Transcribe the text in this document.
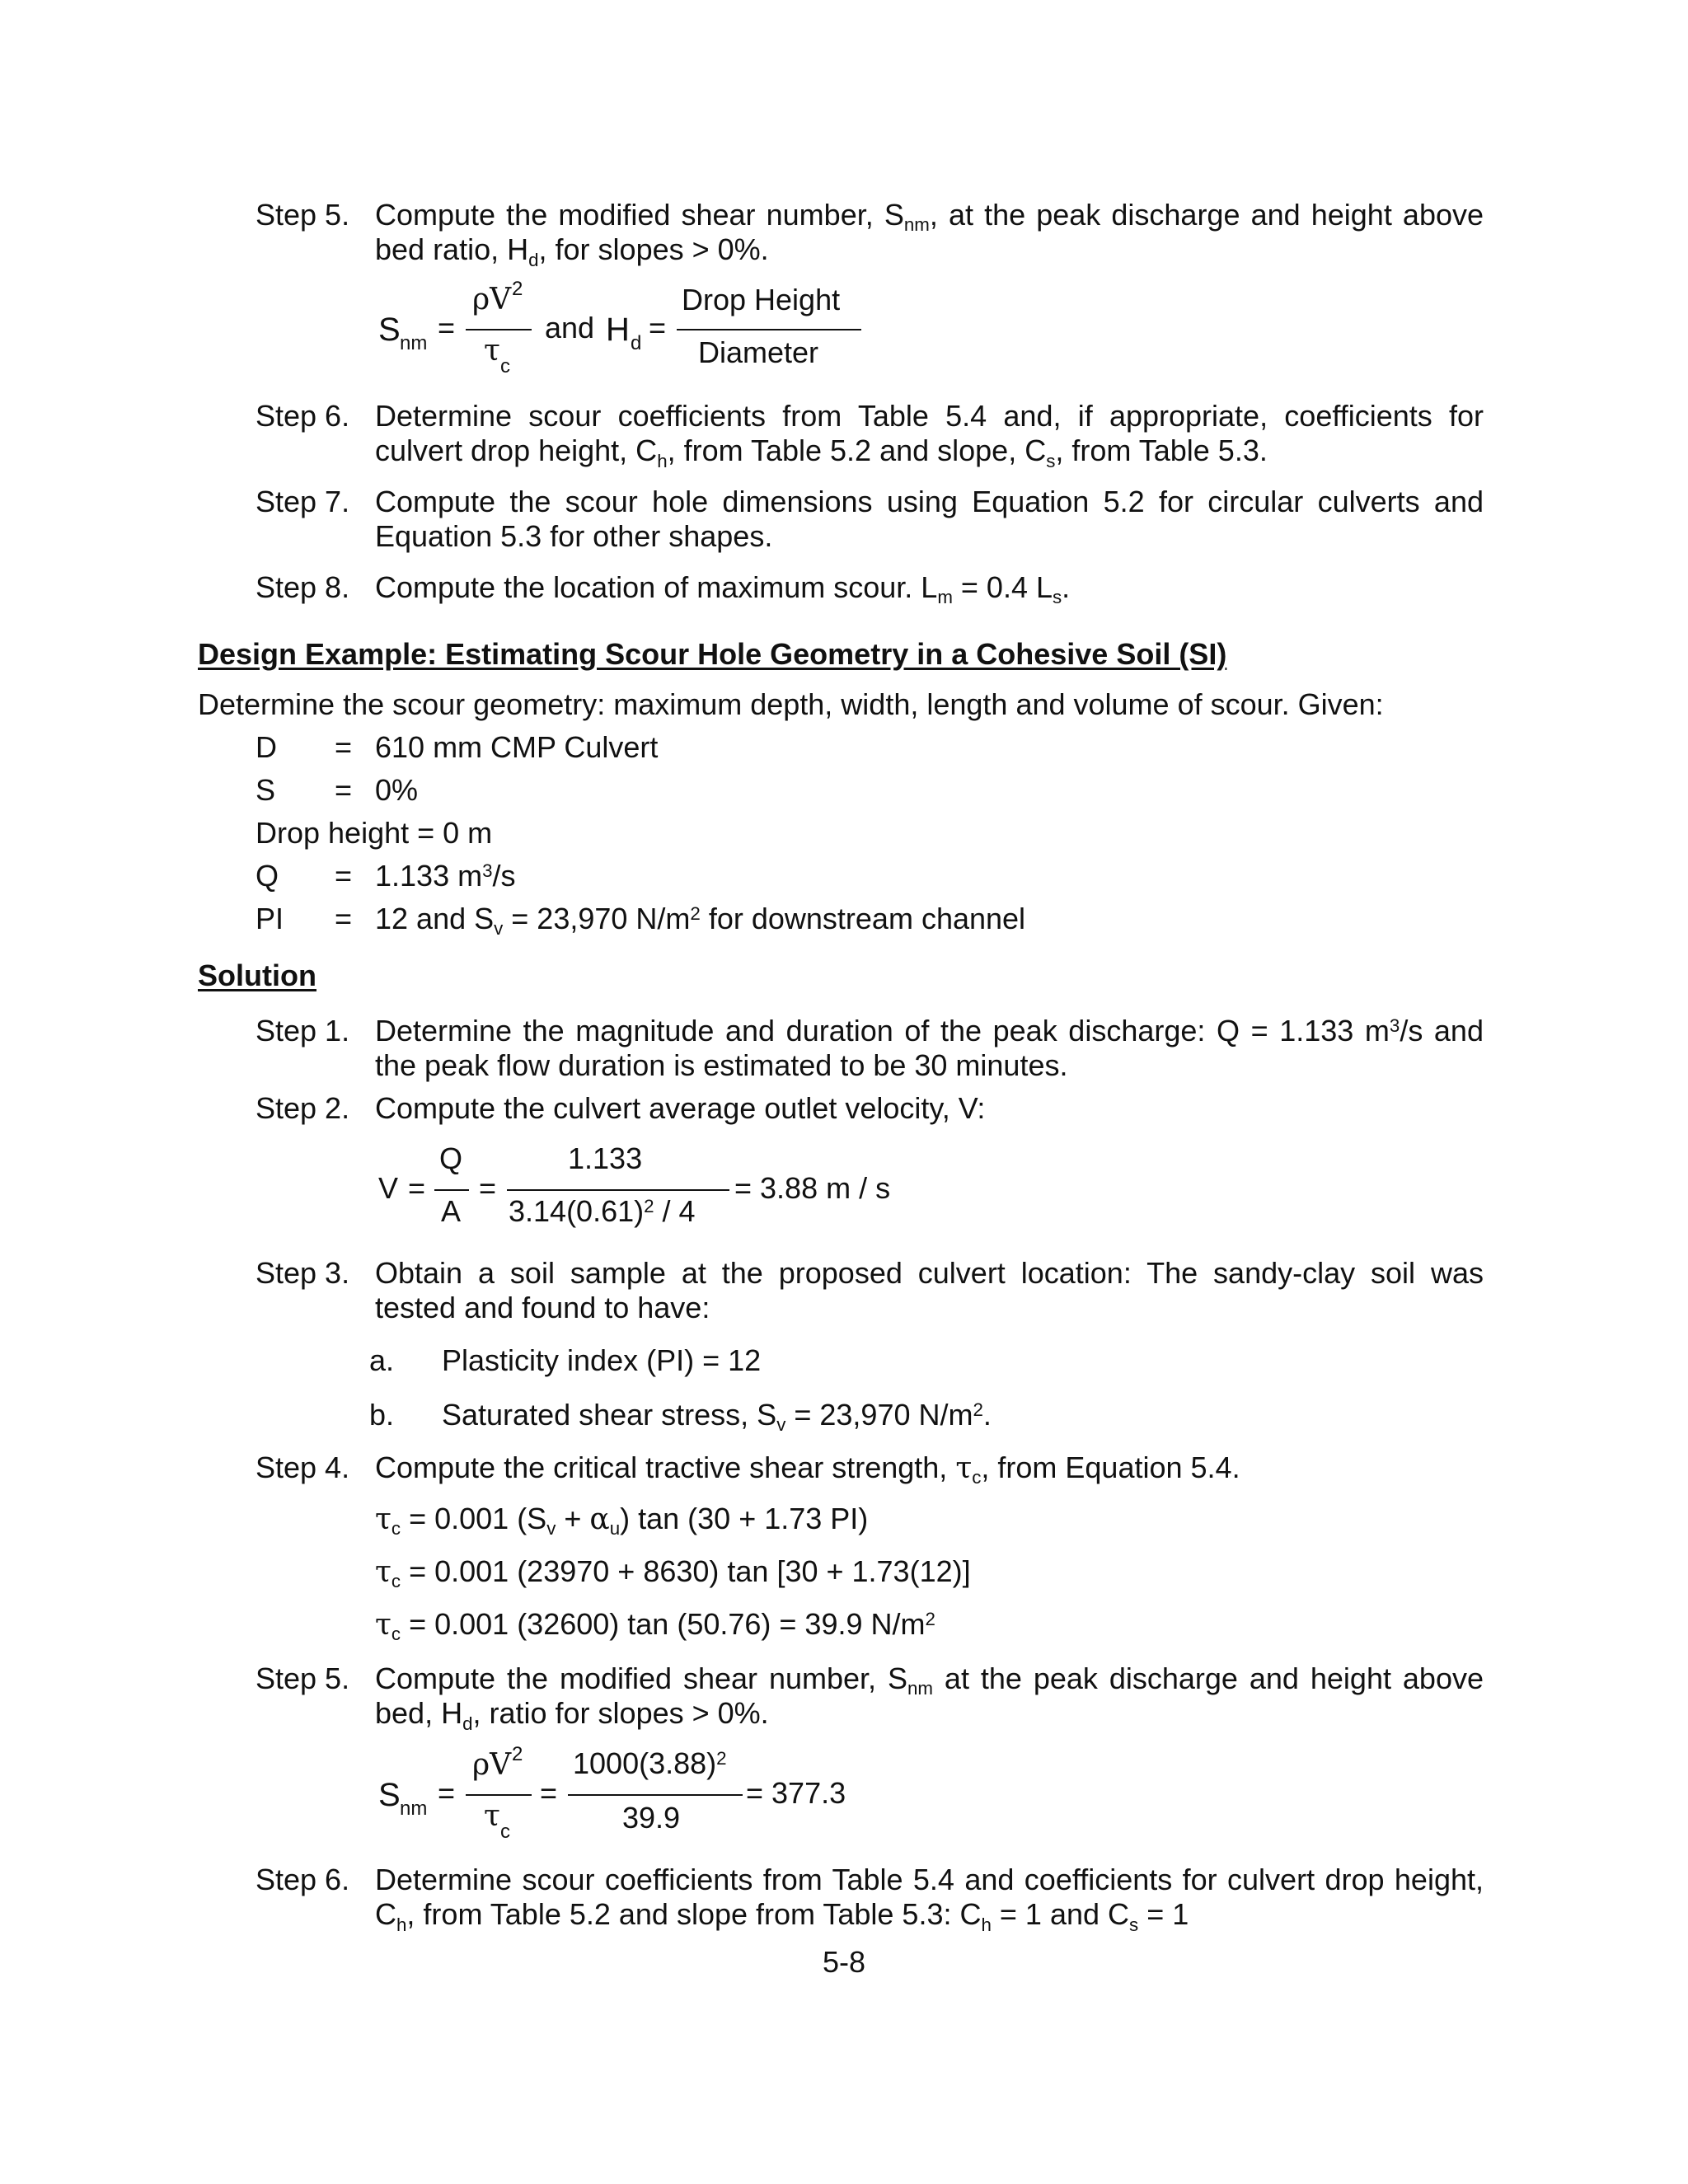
Step 5. Compute the modified shear number, $S_{nm}$, at the peak discharge and height above bed ratio, $H_d$, for slopes > 0%.
S nm =
ρV 2
τ c
and H d =
Drop Height
Diameter
Step 6. Determine scour coefficients from Table 5.4 and, if appropriate, coefficients for culvert drop height, $C_h$, from Table 5.2 and slope, $C_s$, from Table 5.3.
Step 7. Compute the scour hole dimensions using Equation 5.2 for circular culverts and Equation 5.3 for other shapes.
Step 8. Compute the location of maximum scour. $L_m = 0.4$ $L_s$.
Design Example: Estimating Scour Hole Geometry in a Cohesive Soil (SI)
Determine the scour geometry: maximum depth, width, length and volume of scour. Given:
D = 610 mm CMP Culvert
S = 0%
Drop height = 0 m
Q = 1.133 $m^3/s$
PI = 12 and $S_v = 23,970$ $N/m^2$ for downstream channel
Solution
Step 1. Determine the magnitude and duration of the peak discharge: Q = 1.133 $m^3/s$ and the peak flow duration is estimated to be 30 minutes.
Step 2. Compute the culvert average outlet velocity, V:
V =
Q
A
=
1.133
$3.14(0.61)^2 / 4$
= 3.88 m / s
Step 3. Obtain a soil sample at the proposed culvert location: The sandy-clay soil was tested and found to have:
a. Plasticity index (PI) = 12
b. Saturated shear stress, $S_v = 23,970$ $N/m^2$.
Step 4. Compute the critical tractive shear strength, $\tau_c$, from Equation 5.4.
$\tau_c = 0.001$ $(S_v + \alpha_u)$ tan (30 + 1.73 PI)
$\tau_c = 0.001$ (23970 + 8630) tan [30 + 1.73(12)]
$\tau_c = 0.001$ (32600) tan (50.76) = 39.9 $N/m^2$
Step 5. Compute the modified shear number, $S_{nm}$ at the peak discharge and height above bed, $H_d$, ratio for slopes > 0%.
S nm =
ρV 2
τ c
=
$1000(3.88)^2$
39.9
= 377.3
Step 6. Determine scour coefficients from Table 5.4 and coefficients for culvert drop height, $C_h$, from Table 5.2 and slope from Table 5.3: $C_h = 1$ and $C_s = 1$
5-8
